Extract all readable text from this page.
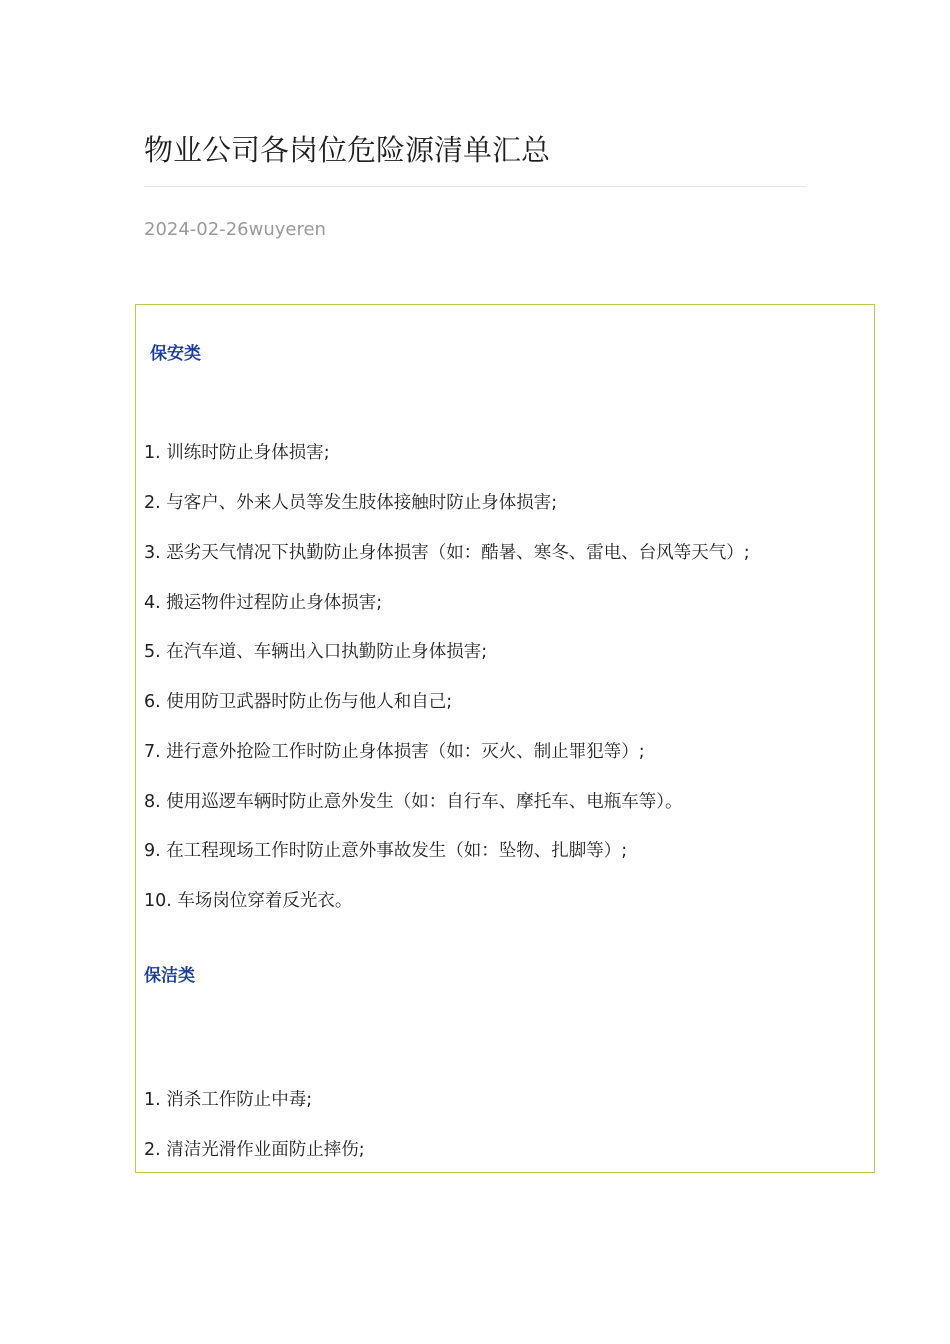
物业公司各岗位危险源清单汇总
2024-02-26wuyeren
保安类
1. 训练时防止身体损害;
2. 与客户、外来人员等发生肢体接触时防止身体损害;
3. 恶劣天气情况下执勤防止身体损害（如：酷暑、寒冬、雷电、台风等天气）;
4. 搬运物件过程防止身体损害;
5. 在汽车道、车辆出入口执勤防止身体损害;
6. 使用防卫武器时防止伤与他人和自己;
7. 进行意外抢险工作时防止身体损害（如：灭火、制止罪犯等）;
8. 使用巡逻车辆时防止意外发生（如：自行车、摩托车、电瓶车等）。
9. 在工程现场工作时防止意外事故发生（如：坠物、扎脚等）;
10. 车场岗位穿着反光衣。
保洁类
1. 消杀工作防止中毒;
2. 清洁光滑作业面防止摔伤;
